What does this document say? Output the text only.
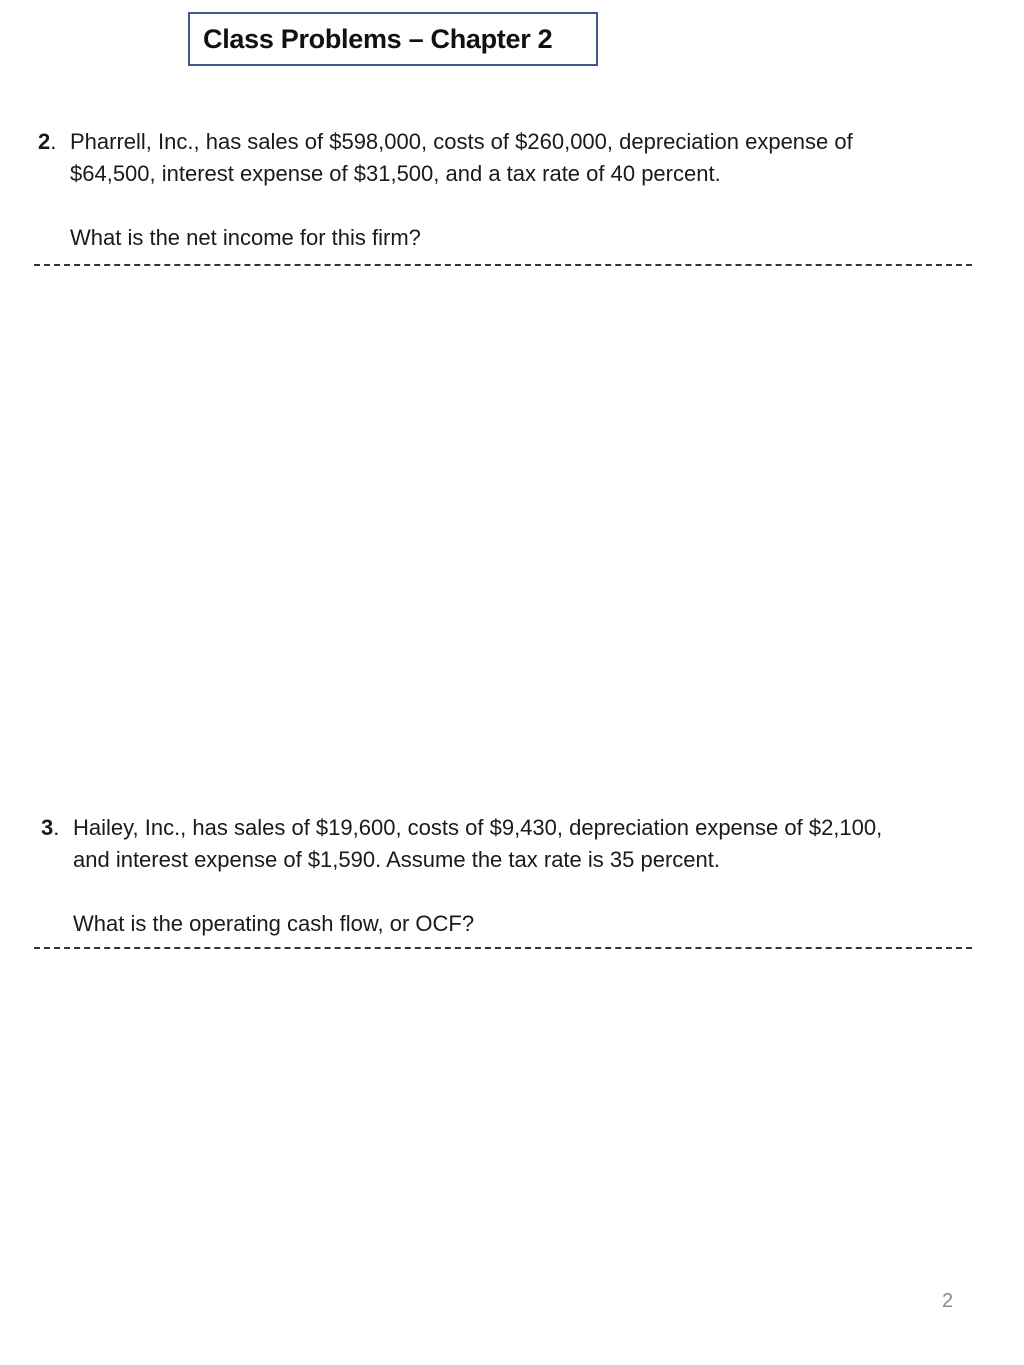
Class Problems – Chapter 2
2. Pharrell, Inc., has sales of $598,000, costs of $260,000, depreciation expense of
$64,500, interest expense of $31,500, and a tax rate of 40 percent.
What is the net income for this firm?
3. Hailey, Inc., has sales of $19,600, costs of $9,430, depreciation expense of $2,100,
and interest expense of $1,590. Assume the tax rate is 35 percent.
What is the operating cash flow, or OCF?
2
